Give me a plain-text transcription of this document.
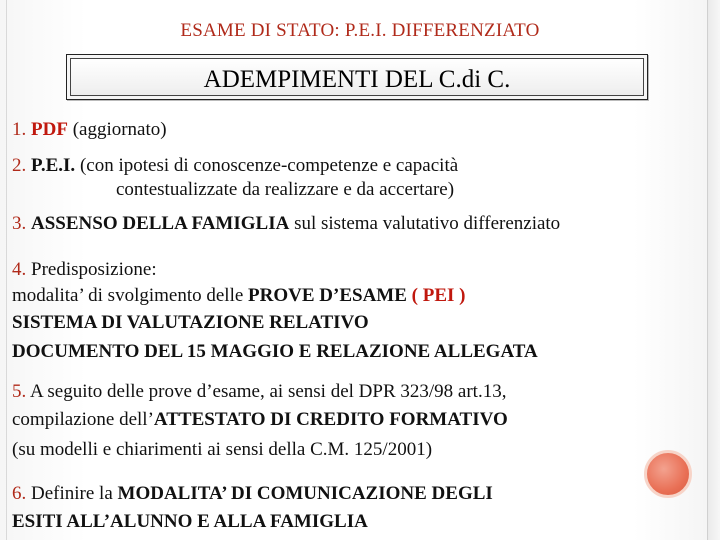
ESAME DI STATO: P.E.I. DIFFERENZIATO
ADEMPIMENTI DEL C.di C.
1. PDF (aggiornato)
2. P.E.I. (con ipotesi di conoscenze-competenze e capacità
contestualizzate da realizzare e da accertare)
3. ASSENSO DELLA FAMIGLIA sul sistema valutativo differenziato
4. Predisposizione:
modalita’ di svolgimento delle PROVE D’ESAME ( PEI )
SISTEMA DI VALUTAZIONE RELATIVO
DOCUMENTO DEL 15 MAGGIO E RELAZIONE ALLEGATA
5. A seguito delle prove d’esame, ai sensi del DPR 323/98 art.13,
compilazione dell’ATTESTATO DI CREDITO FORMATIVO
(su modelli e chiarimenti ai sensi della C.M. 125/2001)
6. Definire la MODALITA’ DI COMUNICAZIONE DEGLI
ESITI ALL’ALUNNO E ALLA FAMIGLIA
